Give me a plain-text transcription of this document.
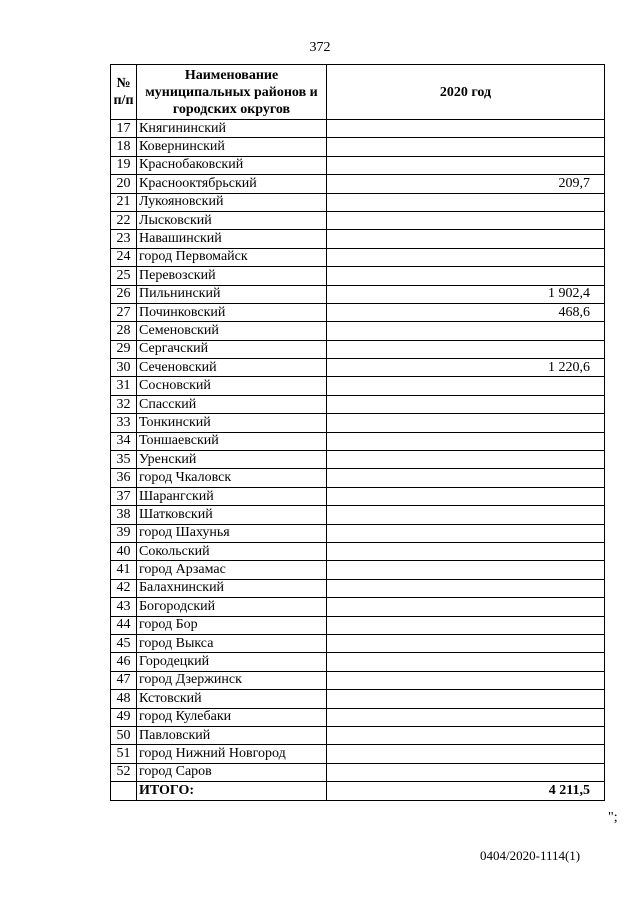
372
№ п/п	Наименование муниципальных районов и городских округов	2020 год
17	Княгининский	
18	Ковернинский	
19	Краснобаковский	
20	Краснооктябрьский	209,7
21	Лукояновский	
22	Лысковский	
23	Навашинский	
24	город Первомайск	
25	Перевозский	
26	Пильнинский	1 902,4
27	Починковский	468,6
28	Семеновский	
29	Сергачский	
30	Сеченовский	1 220,6
31	Сосновский	
32	Спасский	
33	Тонкинский	
34	Тоншаевский	
35	Уренский	
36	город Чкаловск	
37	Шарангский	
38	Шатковский	
39	город Шахунья	
40	Сокольский	
41	город Арзамас	
42	Балахнинский	
43	Богородский	
44	город Бор	
45	город Выкса	
46	Городецкий	
47	город Дзержинск	
48	Кстовский	
49	город Кулебаки	
50	Павловский	
51	город Нижний Новгород	
52	город Саров	
	ИТОГО:	4 211,5
";
0404/2020-1114(1)
